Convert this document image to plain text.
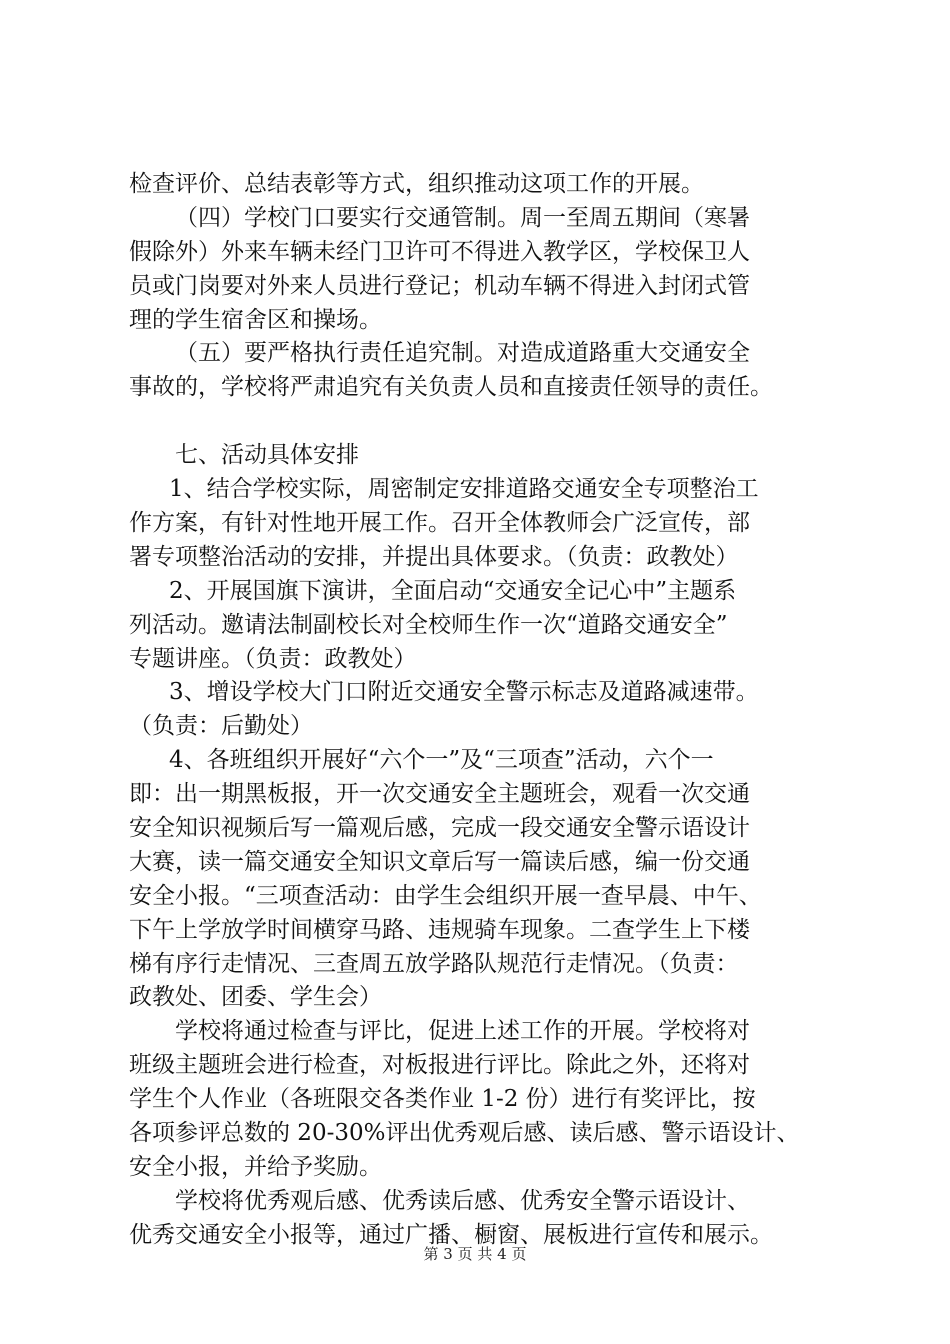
检查评价、总结表彰等方式，组织推动这项工作的开展。
（四）学校门口要实行交通管制。周一至周五期间（寒暑
假除外）外来车辆未经门卫许可不得进入教学区，学校保卫人
员或门岗要对外来人员进行登记；机动车辆不得进入封闭式管
理的学生宿舍区和操场。
（五）要严格执行责任追究制。对造成道路重大交通安全
事故的，学校将严肃追究有关负责人员和直接责任领导的责任。
七、活动具体安排
1、结合学校实际，周密制定安排道路交通安全专项整治工
作方案，有针对性地开展工作。召开全体教师会广泛宣传，部
署专项整治活动的安排，并提出具体要求。（负责：政教处）
2、开展国旗下演讲，全面启动“交通安全记心中”主题系
列活动。邀请法制副校长对全校师生作一次“道路交通安全”
专题讲座。（负责：政教处）
3、增设学校大门口附近交通安全警示标志及道路减速带。
（负责：后勤处）
4、各班组织开展好“六个一”及“三项查”活动，六个一
即：出一期黑板报，开一次交通安全主题班会，观看一次交通
安全知识视频后写一篇观后感，完成一段交通安全警示语设计
大赛，读一篇交通安全知识文章后写一篇读后感，编一份交通
安全小报。“三项查活动：由学生会组织开展一查早晨、中午、
下午上学放学时间横穿马路、违规骑车现象。二查学生上下楼
梯有序行走情况、三查周五放学路队规范行走情况。（负责：
政教处、团委、学生会）
学校将通过检查与评比，促进上述工作的开展。学校将对
班级主题班会进行检查，对板报进行评比。除此之外，还将对
学生个人作业（各班限交各类作业 1-2 份）进行有奖评比，按
各项参评总数的 20-30%评出优秀观后感、读后感、警示语设计、
安全小报，并给予奖励。
学校将优秀观后感、优秀读后感、优秀安全警示语设计、
优秀交通安全小报等，通过广播、橱窗、展板进行宣传和展示。
第 3 页 共 4 页
